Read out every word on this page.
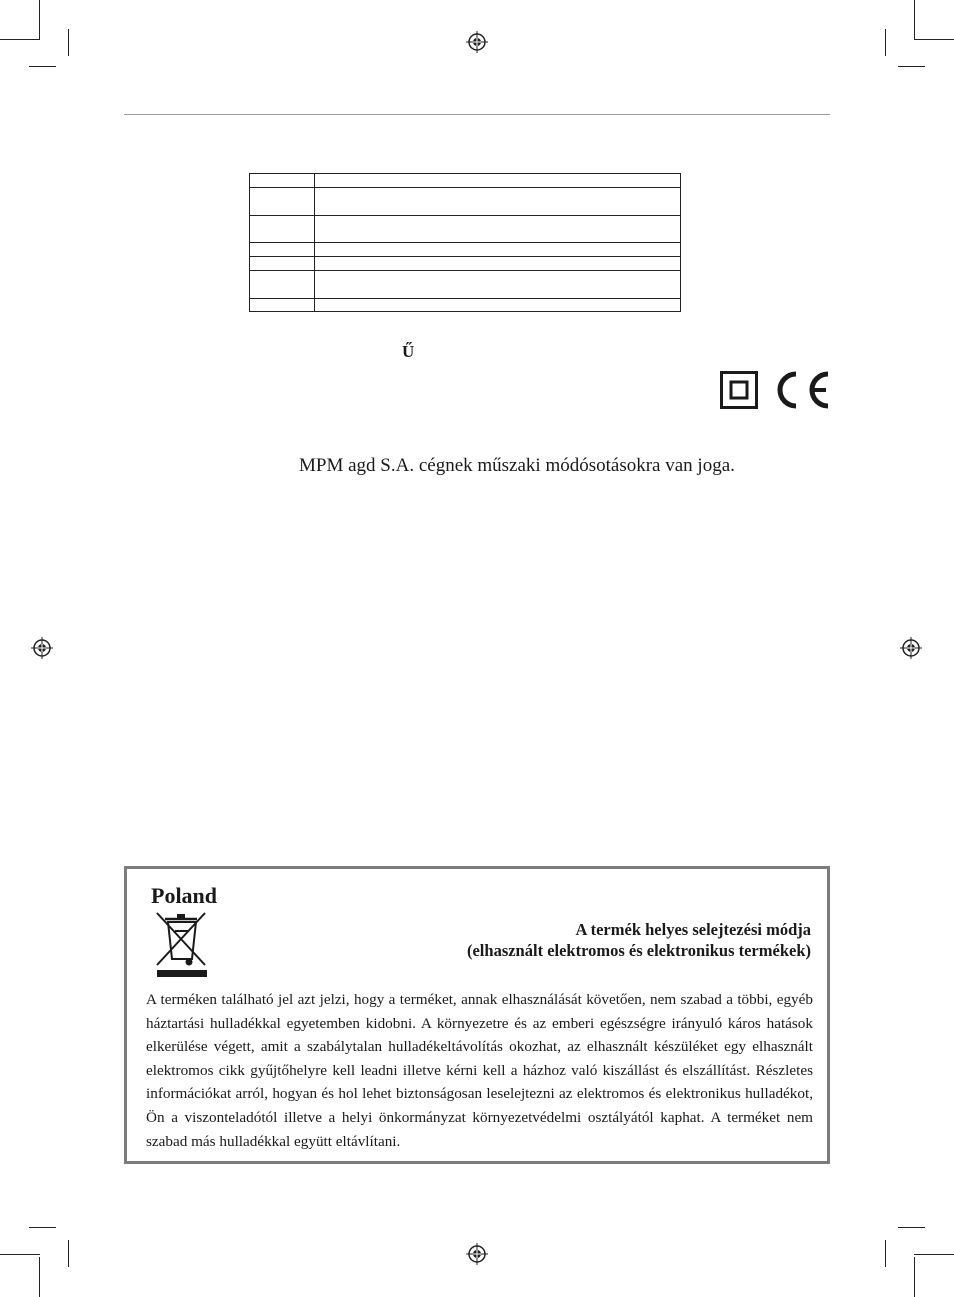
Ű
MPM agd S.A. cégnek műszaki módósotásokra van joga.
Poland
A termék helyes selejtezési módja
(elhasznált elektromos és elektronikus termékek)
A terméken található jel azt jelzi, hogy a terméket, annak elhasználását követően, nem szabad a többi, egyéb háztartási hulladékkal egyetemben kidobni. A környezetre és az emberi egészségre irányuló káros hatások elkerülése végett, amit a szabálytalan hulladékeltávolítás okozhat, az elhasznált készüléket egy elhasznált elektromos cikk gyűjtőhelyre kell leadni illetve kérni kell a házhoz való kiszállást és elszállítást. Részletes információkat arról, hogyan és hol lehet biztonságosan leselejtezni az elektromos és elektronikus hulladékot, Ön a viszonteladótól illetve a helyi önkormányzat környezetvédelmi osztályától kaphat. A terméket nem szabad más hulladékkal együtt eltávlítani.
